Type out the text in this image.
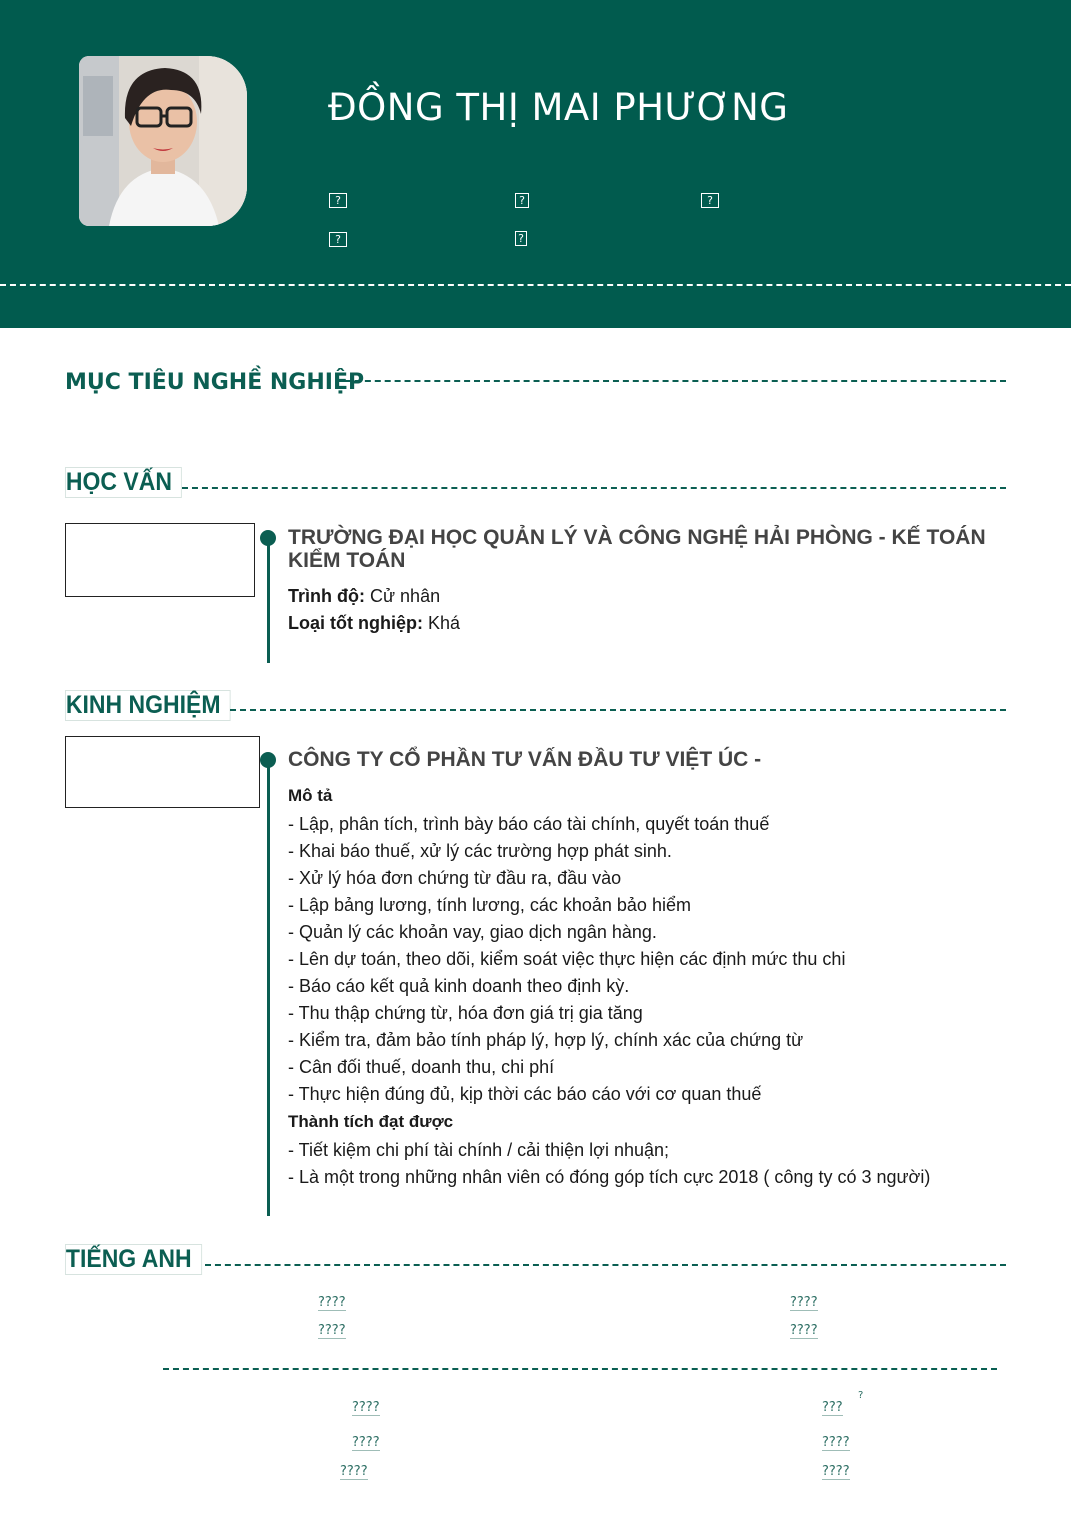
ĐỒNG THỊ MAI PHƯƠNG
?	?	?
?	?
MỤC TIÊU NGHỀ NGHIỆP
HỌC VẤN
TRƯỜNG ĐẠI HỌC QUẢN LÝ VÀ CÔNG NGHỆ HẢI PHÒNG - KẾ TOÁN KIỂM TOÁN
Trình độ: Cử nhân
Loại tốt nghiệp: Khá
KINH NGHIỆM
CÔNG TY CỔ PHẦN TƯ VẤN ĐẦU TƯ VIỆT ÚC -
Mô tả
- Lập, phân tích, trình bày báo cáo tài chính, quyết toán thuế
- Khai báo thuế, xử lý các trường hợp phát sinh.
- Xử lý hóa đơn chứng từ đầu ra, đầu vào
- Lập bảng lương, tính lương, các khoản bảo hiểm
- Quản lý các khoản vay, giao dịch ngân hàng.
- Lên dự toán, theo dõi, kiểm soát việc thực hiện các định mức thu chi
- Báo cáo kết quả kinh doanh theo định kỳ.
- Thu thập chứng từ, hóa đơn giá trị gia tăng
- Kiểm tra, đảm bảo tính pháp lý, hợp lý, chính xác của chứng từ
- Cân đối thuế, doanh thu, chi phí
- Thực hiện đúng đủ, kịp thời các báo cáo với cơ quan thuế
Thành tích đạt được
- Tiết kiệm chi phí tài chính / cải thiện lợi nhuận;
- Là một trong những nhân viên có đóng góp tích cực 2018 ( công ty có 3 người)
TIẾNG ANH
????	????
????	????
????	???
?
????	????
????	????
